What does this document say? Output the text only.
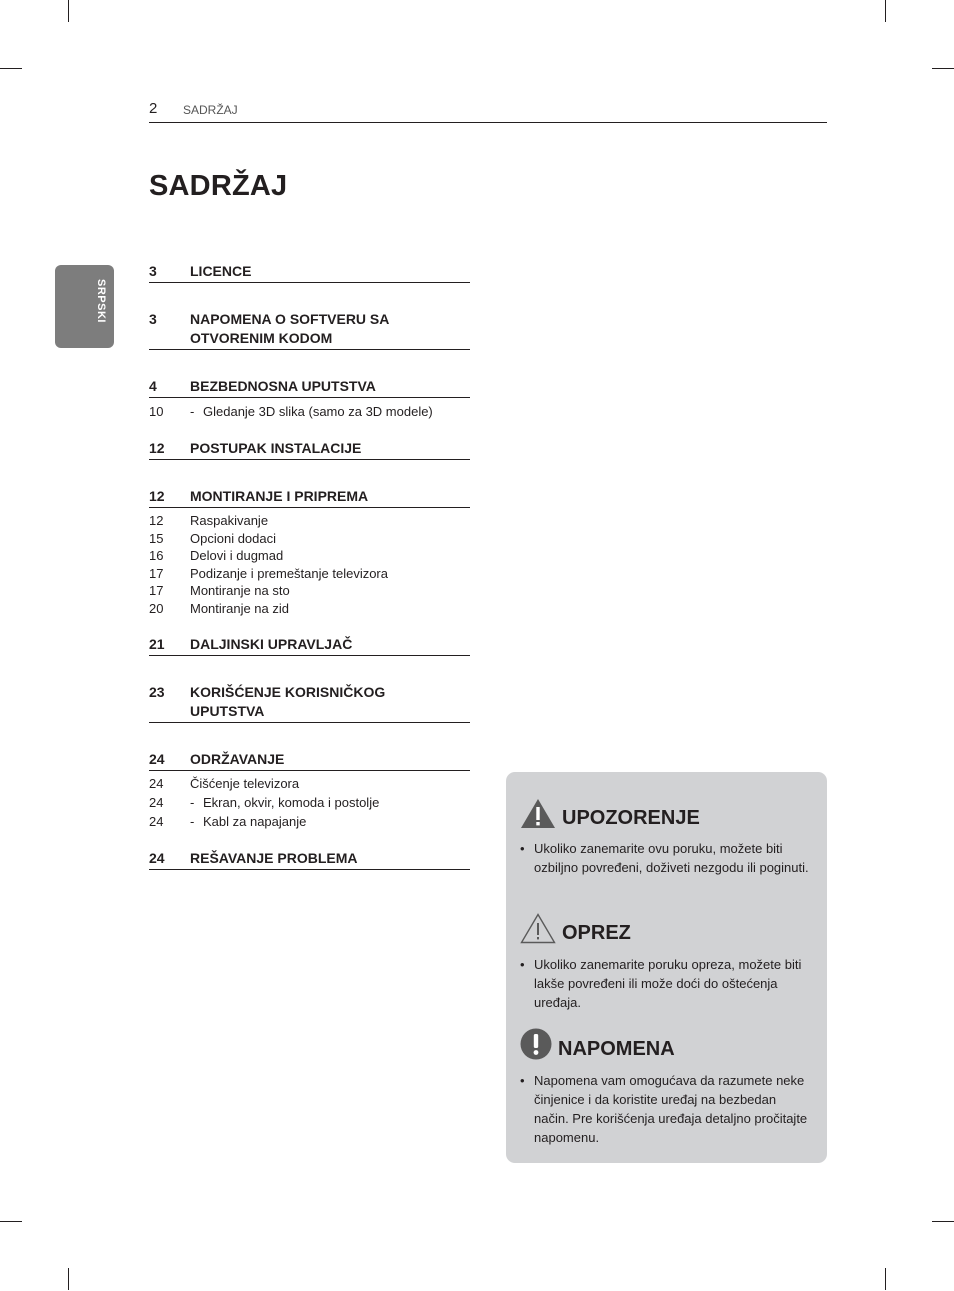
2 SADRŽAJ
SADRŽAJ
SRPSKI
3	LICENCE
3	NAPOMENA O SOFTVERU SA OTVORENIM KODOM
4	BEZBEDNOSNA UPUTSTVA
10	- Gledanje 3D slika (samo za 3D modele)
12	POSTUPAK INSTALACIJE
12	MONTIRANJE I PRIPREMA
12	Raspakivanje
15	Opcioni dodaci
16	Delovi i dugmad
17	Podizanje i premeštanje televizora
17	Montiranje na sto
20	Montiranje na zid
21	DALJINSKI UPRAVLJAČ
23	KORIŠĆENJE KORISNIČKOG UPUTSTVA
24	ODRŽAVANJE
24	Čišćenje televizora
24	- Ekran, okvir, komoda i postolje
24	- Kabl za napajanje
24	REŠAVANJE PROBLEMA
UPOZORENJE
• Ukoliko zanemarite ovu poruku, možete biti ozbiljno povređeni, doživeti nezgodu ili poginuti.
OPREZ
• Ukoliko zanemarite poruku opreza, možete biti lakše povređeni ili može doći do oštećenja uređaja.
NAPOMENA
• Napomena vam omogućava da razumete neke činjenice i da koristite uređaj na bezbedan način. Pre korišćenja uređaja detaljno pročitajte napomenu.
